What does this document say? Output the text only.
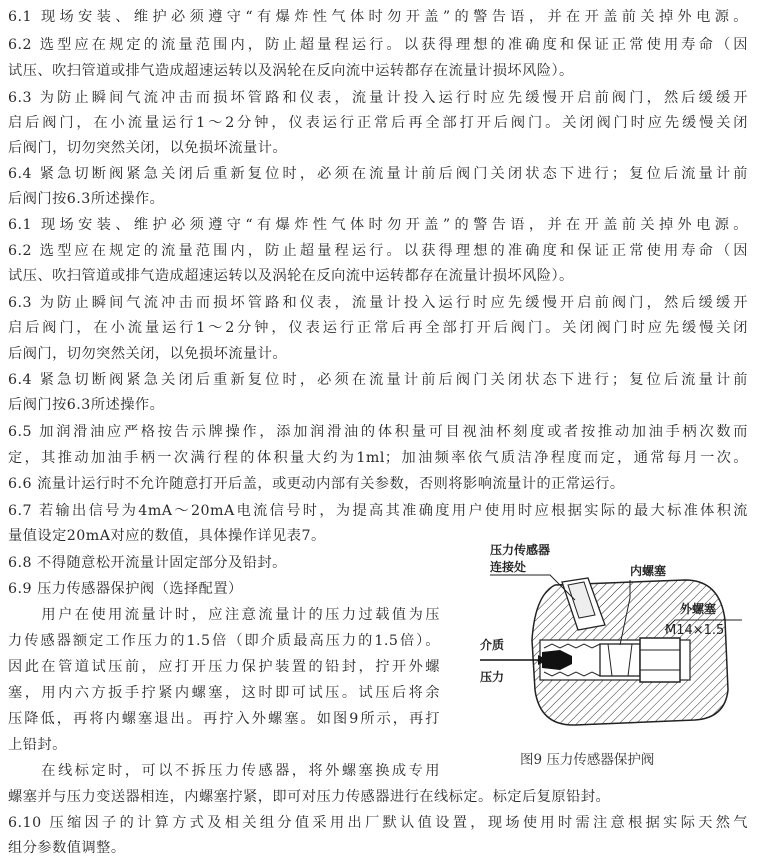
6.1 现场安装、维护必须遵守“有爆炸性气体时勿开盖”的警告语，并在开盖前关掉外电源。
6.2 选型应在规定的流量范围内，防止超量程运行。以获得理想的准确度和保证正常使用寿命（因
试压、吹扫管道或排气造成超速运转以及涡轮在反向流中运转都存在流量计损坏风险）。
6.3 为防止瞬间气流冲击而损坏管路和仪表，流量计投入运行时应先缓慢开启前阀门，然后缓缓开
启后阀门，在小流量运行1～2分钟，仪表运行正常后再全部打开后阀门。关闭阀门时应先缓慢关闭
后阀门，切勿突然关闭，以免损坏流量计。
6.4 紧急切断阀紧急关闭后重新复位时，必须在流量计前后阀门关闭状态下进行；复位后流量计前
后阀门按6.3所述操作。
6.1 现场安装、维护必须遵守“有爆炸性气体时勿开盖”的警告语，并在开盖前关掉外电源。
6.2 选型应在规定的流量范围内，防止超量程运行。以获得理想的准确度和保证正常使用寿命（因
试压、吹扫管道或排气造成超速运转以及涡轮在反向流中运转都存在流量计损坏风险）。
6.3 为防止瞬间气流冲击而损坏管路和仪表，流量计投入运行时应先缓慢开启前阀门，然后缓缓开
启后阀门，在小流量运行1～2分钟，仪表运行正常后再全部打开后阀门。关闭阀门时应先缓慢关闭
后阀门，切勿突然关闭，以免损坏流量计。
6.4 紧急切断阀紧急关闭后重新复位时，必须在流量计前后阀门关闭状态下进行；复位后流量计前
后阀门按6.3所述操作。
6.5 加润滑油应严格按告示牌操作，添加润滑油的体积量可目视油杯刻度或者按推动加油手柄次数而
定，其推动加油手柄一次满行程的体积量大约为1ml；加油频率依气质洁净程度而定，通常每月一次。
6.6 流量计运行时不允许随意打开后盖，或更动内部有关参数，否则将影响流量计的正常运行。
6.7 若输出信号为4mA～20mA电流信号时，为提高其准确度用户使用时应根据实际的最大标准体积流
量值设定20mA对应的数值，具体操作详见表7。
6.8 不得随意松开流量计固定部分及铅封。
6.9 压力传感器保护阀（选择配置）
　　用户在使用流量计时，应注意流量计的压力过载值为压
力传感器额定工作压力的1.5倍（即介质最高压力的1.5倍）。
因此在管道试压前，应打开压力保护装置的铅封，拧开外螺
塞，用内六方扳手拧紧内螺塞，这时即可试压。试压后将余
压降低，再将内螺塞退出。再拧入外螺塞。如图9所示，再打
上铅封。
　　在线标定时，可以不拆压力传感器，将外螺塞换成专用
螺塞并与压力变送器相连，内螺塞拧紧，即可对压力传感器进行在线标定。标定后复原铅封。
6.10 压缩因子的计算方式及相关组分值采用出厂默认值设置，现场使用时需注意根据实际天然气
组分参数值调整。
压力传感器
连接处	内螺塞
外螺塞
M14×1.5
介质
压力
图9 压力传感器保护阀
